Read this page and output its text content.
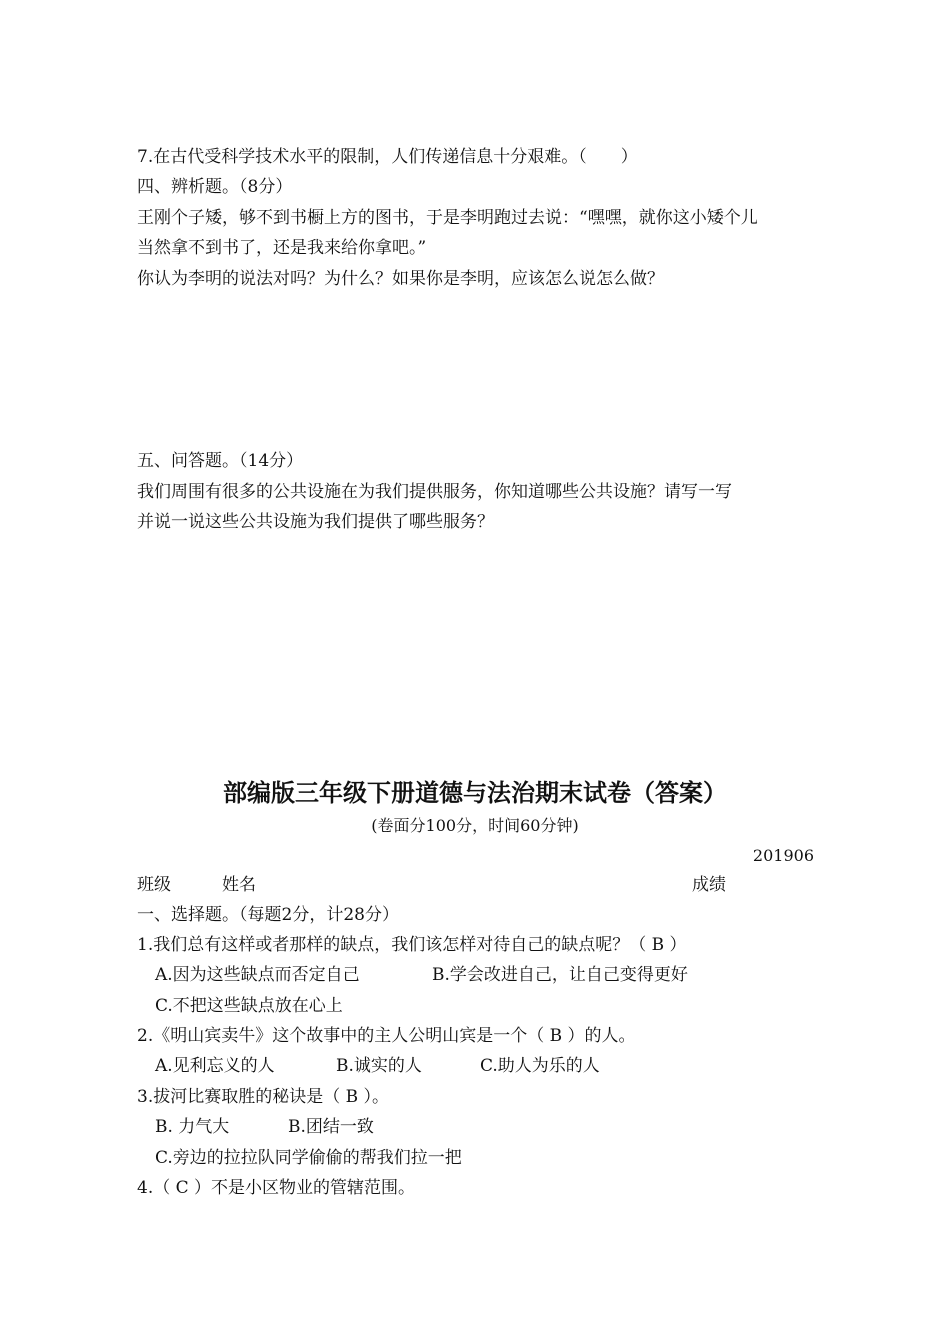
7.在古代受科学技术水平的限制，人们传递信息十分艰难。（　　）
四、辨析题。（8分）
王刚个子矮，够不到书橱上方的图书，于是李明跑过去说：“嘿嘿，就你这小矮个儿
当然拿不到书了，还是我来给你拿吧。”
你认为李明的说法对吗？为什么？如果你是李明，应该怎么说怎么做？
五、问答题。（14分）
我们周围有很多的公共设施在为我们提供服务，你知道哪些公共设施？请写一写
并说一说这些公共设施为我们提供了哪些服务？
部编版三年级下册道德与法治期末试卷（答案）
(卷面分100分，时间60分钟)
201906
班级	姓名	成绩
一、选择题。（每题2分，计28分）
1.我们总有这样或者那样的缺点，我们该怎样对待自己的缺点呢？（ B ）
A.因为这些缺点而否定自己	B.学会改进自己，让自己变得更好
C.不把这些缺点放在心上
2.《明山宾卖牛》这个故事中的主人公明山宾是一个（ B ）的人。
A.见利忘义的人	B.诚实的人	C.助人为乐的人
3.拔河比赛取胜的秘诀是（ B ）。
B. 力气大	B.团结一致
C.旁边的拉拉队同学偷偷的帮我们拉一把
4.（ C ）不是小区物业的管辖范围。
